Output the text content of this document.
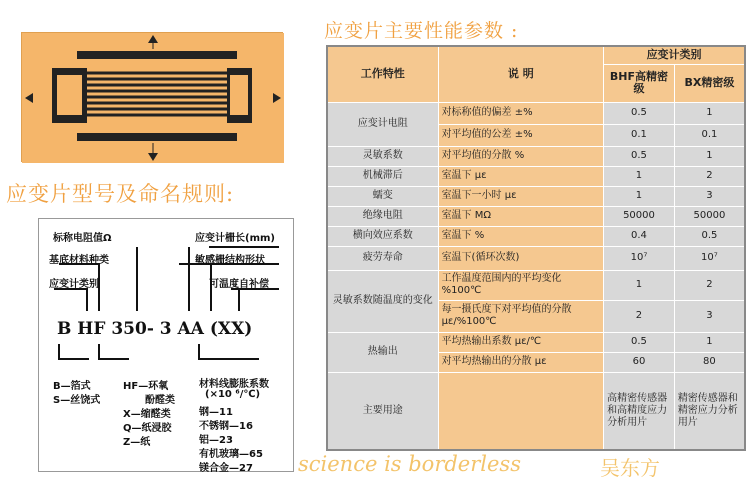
应变片型号及命名规则:
标称电阻值Ω	应变计栅长(mm)
基底材料种类	敏感栅结构形状
应变计类别	可温度自补偿
B HF 350- 3 AA (XX)
B—箔式
S—丝饶式
HF—环氧
酚醛类
X—缩醛类
Q—纸浸胶
Z—纸
材料线膨胀系数
(×10 ⁶/℃)
钢—11
不锈钢—16
铝—23
有机玻璃—65
镁合金—27
应变片主要性能参数 :
工作特性	说 明	应变计类别	
		BHF高精密级	BX精密级
应变计电阻	对标称值的偏差 ±%	0.5	1
	对平均值的公差 ±%	0.1	0.1
灵敏系数	对平均值的分散 %	0.5	1
机械滞后	室温下 με	1	2
蠕变	室温下一小时 με	1	3
绝缘电阻	室温下 MΩ	50000	50000
横向效应系数	室温下 %	0.4	0.5
疲劳寿命	室温下(循环次数)	10⁷	10⁷
灵敏系数随温度的变化	工作温度范围内的平均变化 %100℃	1	2
	每一摄氏度下对平均值的分散 με/%100℃	2	3
热输出	平均热输出系数 με/℃	0.5	1
	对平均热输出的分散 με	60	80
主要用途		高精密传感器和高精度应力分析用片	精密传感器和精密应力分析用片
science is borderless	吴东方
